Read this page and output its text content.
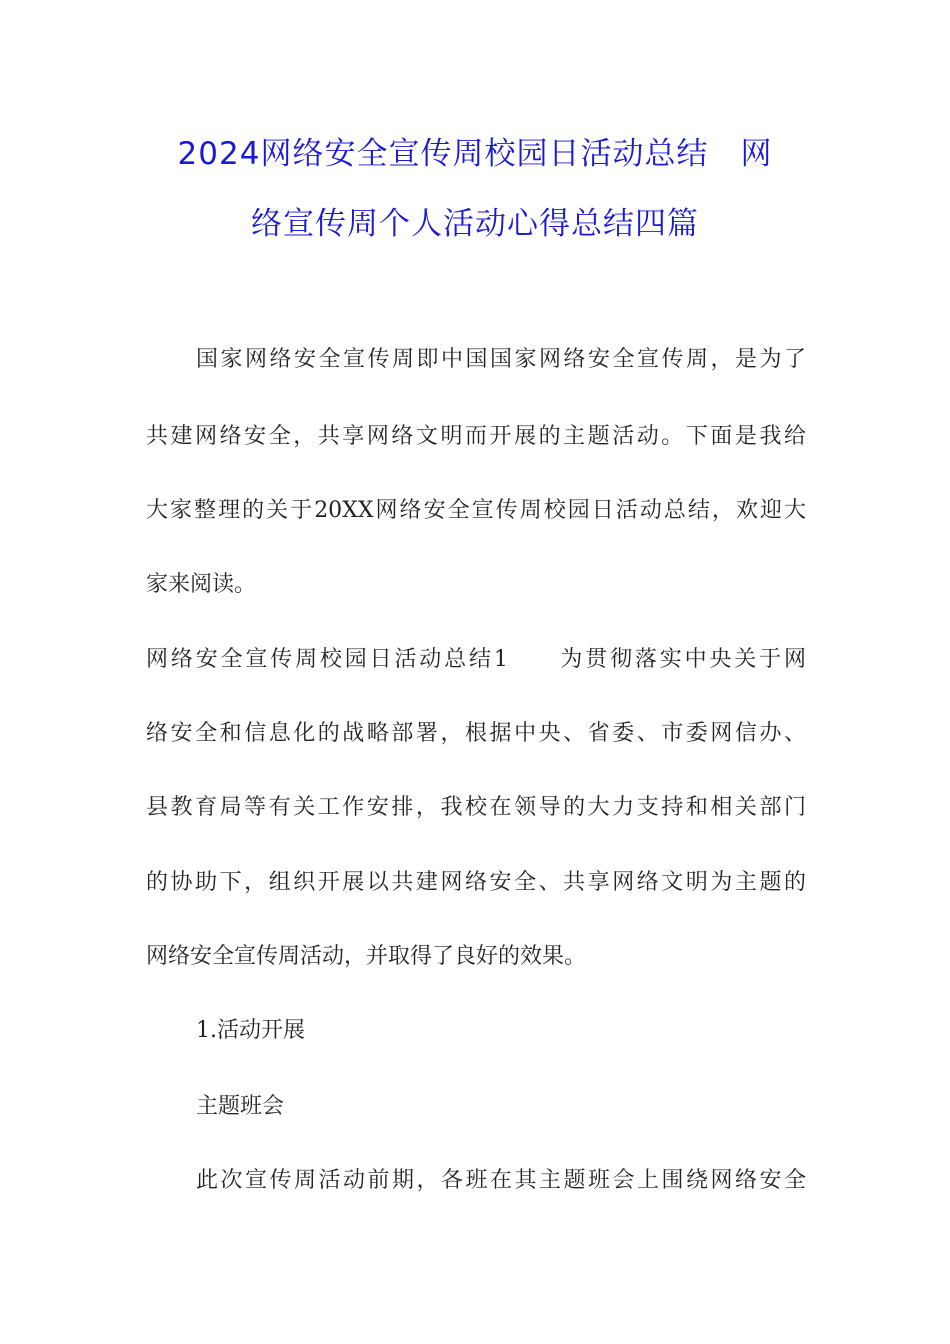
2024网络安全宣传周校园日活动总结　网
络宣传周个人活动心得总结四篇
国家网络安全宣传周即中国国家网络安全宣传周，是为了
共建网络安全，共享网络文明而开展的主题活动。下面是我给
大家整理的关于20XX网络安全宣传周校园日活动总结，欢迎大
家来阅读。
网络安全宣传周校园日活动总结1　　为贯彻落实中央关于网
络安全和信息化的战略部署，根据中央、省委、市委网信办、
县教育局等有关工作安排，我校在领导的大力支持和相关部门
的协助下，组织开展以共建网络安全、共享网络文明为主题的
网络安全宣传周活动，并取得了良好的效果。
1.活动开展
主题班会
此次宣传周活动前期，各班在其主题班会上围绕网络安全
